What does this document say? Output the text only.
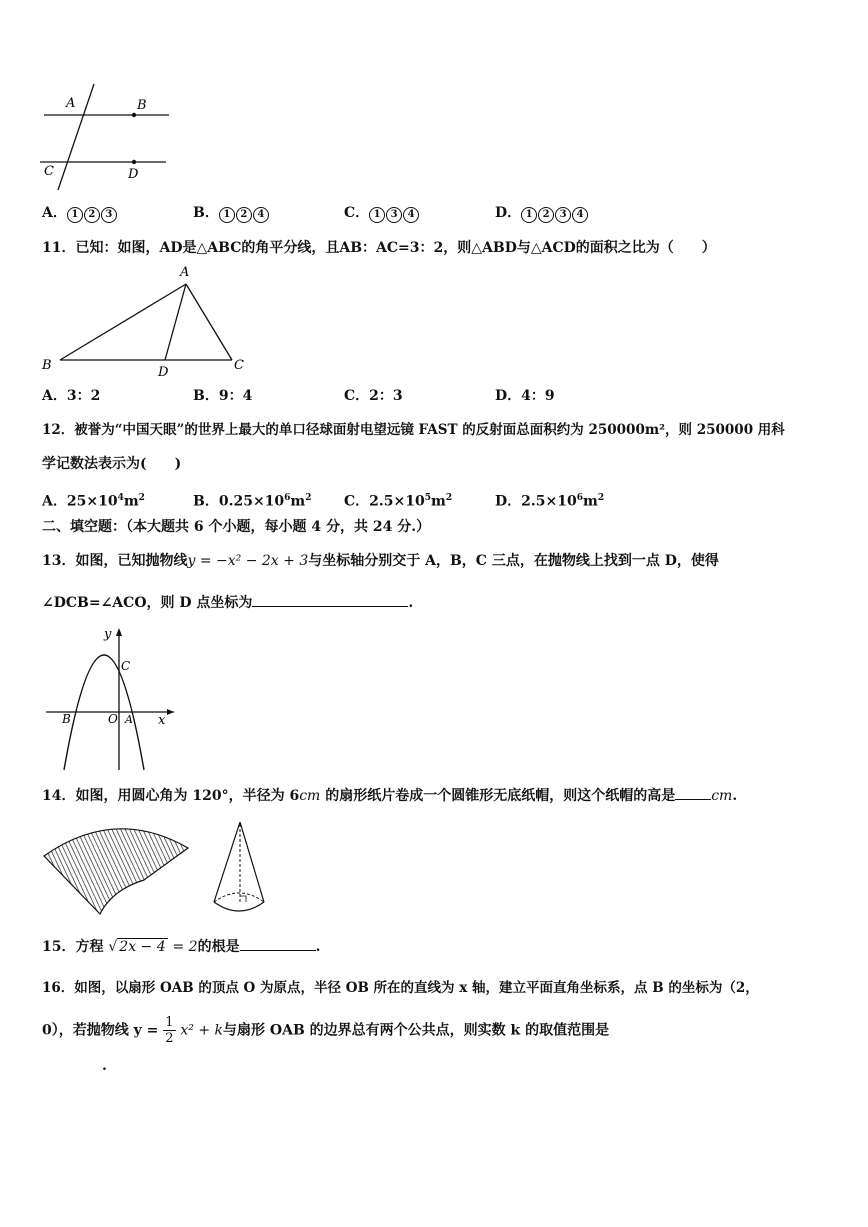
A	B
C	D
A． 1 2 3	B． 1 2 4	C． 1 3 4	D． 1 2 3 4
11．已知：如图，AD是△ABC的角平分线，且AB：AC=3：2，则△ABD与△ACD的面积之比为（　　）
A
B	C
D
A．3：2	B．9：4	C．2：3	D．4：9
12．被誉为“中国天眼”的世界上最大的单口径球面射电望远镜 FAST 的反射面总面积约为 250000m²，则 250000 用科
学记数法表示为(　　)
A．$25\times 10^4m^2$	B．$0.25\times 10^6m^2$ C．$2.5\times 10^5m^2$	D．$2.5\times 10^6m^2$
二、填空题：（本大题共 6 个小题，每小题 4 分，共 24 分.）
13．如图，已知抛物线y = −x² − 2x + 3与坐标轴分别交于 A，B，C 三点，在抛物线上找到一点 D，使得
∠DCB=∠ACO，则 D 点坐标为	.
y
C
B	O A x
14．如图，用圆心角为 120°，半径为 6cm 的扇形纸片卷成一个圆锥形无底纸帽，则这个纸帽的高是	cm.
15．方程 √ 2x − 4 = 2的根是	.
16．如图，以扇形 OAB 的顶点 O 为原点，半径 OB 所在的直线为 x 轴，建立平面直角坐标系，点 B 的坐标为（2，
0），若抛物线 $y = \frac{1}{2} x^2 + k$与扇形 OAB 的边界总有两个公共点，则实数 k 的取值范围是
.
